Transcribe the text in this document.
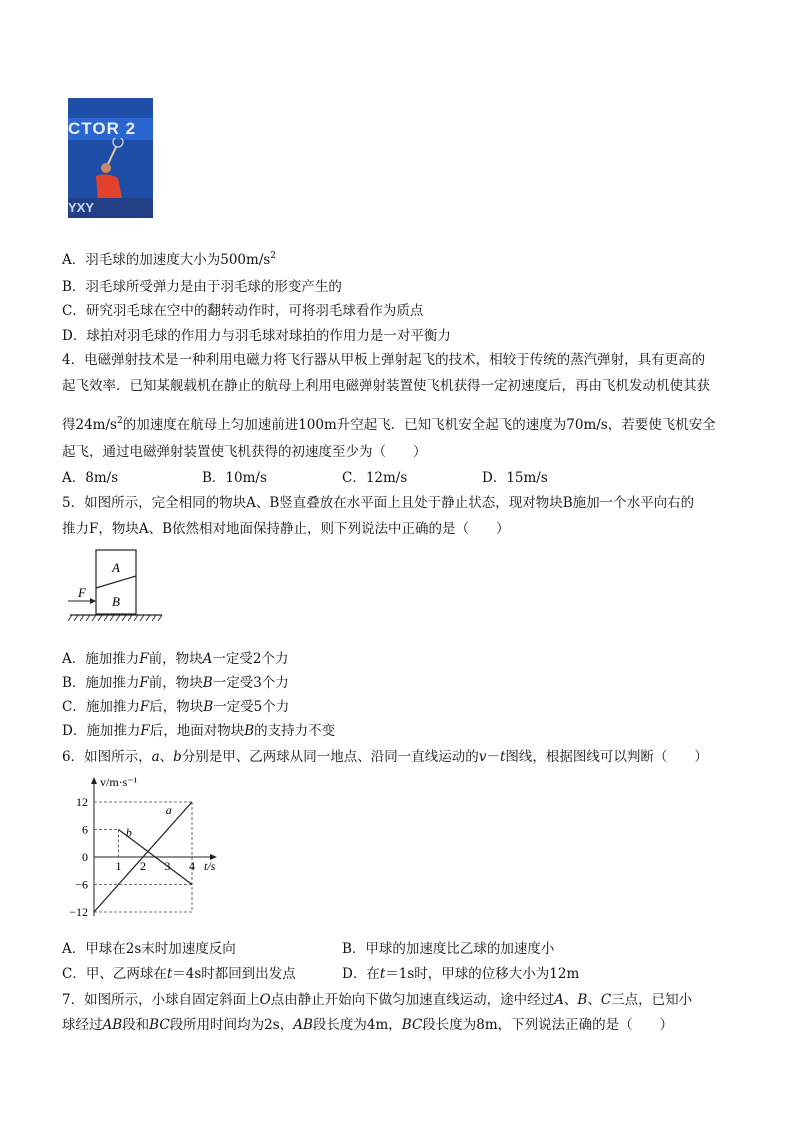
CTOR 2
YXY
A．羽毛球的加速度大小为$500m/s^2$
B．羽毛球所受弹力是由于羽毛球的形变产生的
C．研究羽毛球在空中的翻转动作时，可将羽毛球看作为质点
D．球拍对羽毛球的作用力与羽毛球对球拍的作用力是一对平衡力
4．电磁弹射技术是一种利用电磁力将飞行器从甲板上弹射起飞的技术，相较于传统的蒸汽弹射，具有更高的
起飞效率．已知某舰载机在静止的航母上利用电磁弹射装置使飞机获得一定初速度后，再由飞机发动机使其获
得$24m/s^2$的加速度在航母上匀加速前进100m升空起飞．已知飞机安全起飞的速度为70m/s，若要使飞机安全
起飞，通过电磁弹射装置使飞机获得的初速度至少为（　　）
A．8m/s	B．10m/s	C．12m/s	D．15m/s
5．如图所示，完全相同的物块A、B竖直叠放在水平面上且处于静止状态，现对物块B施加一个水平向右的
推力F，物块A、B依然相对地面保持静止，则下列说法中正确的是（　　）
A
B
F
A．施加推力F前，物块A一定受2个力
B．施加推力F前，物块B一定受3个力
C．施加推力F后，物块B一定受5个力
D．施加推力F后，地面对物块B的支持力不变
6．如图所示，a、b分别是甲、乙两球从同一地点、沿同一直线运动的v－t图线，根据图线可以判断（　　）
a
b
12
6
0
−6
−12
1 2 3 4
v/m·s⁻¹
t/s
A．甲球在2s末时加速度反向	B．甲球的加速度比乙球的加速度小
C．甲、乙两球在t＝4s时都回到出发点	D．在t＝1s时，甲球的位移大小为12m
7．如图所示，小球自固定斜面上O点由静止开始向下做匀加速直线运动，途中经过A、B、C三点，已知小
球经过AB段和BC段所用时间均为2s，AB段长度为4m，BC段长度为8m，下列说法正确的是（　　）
